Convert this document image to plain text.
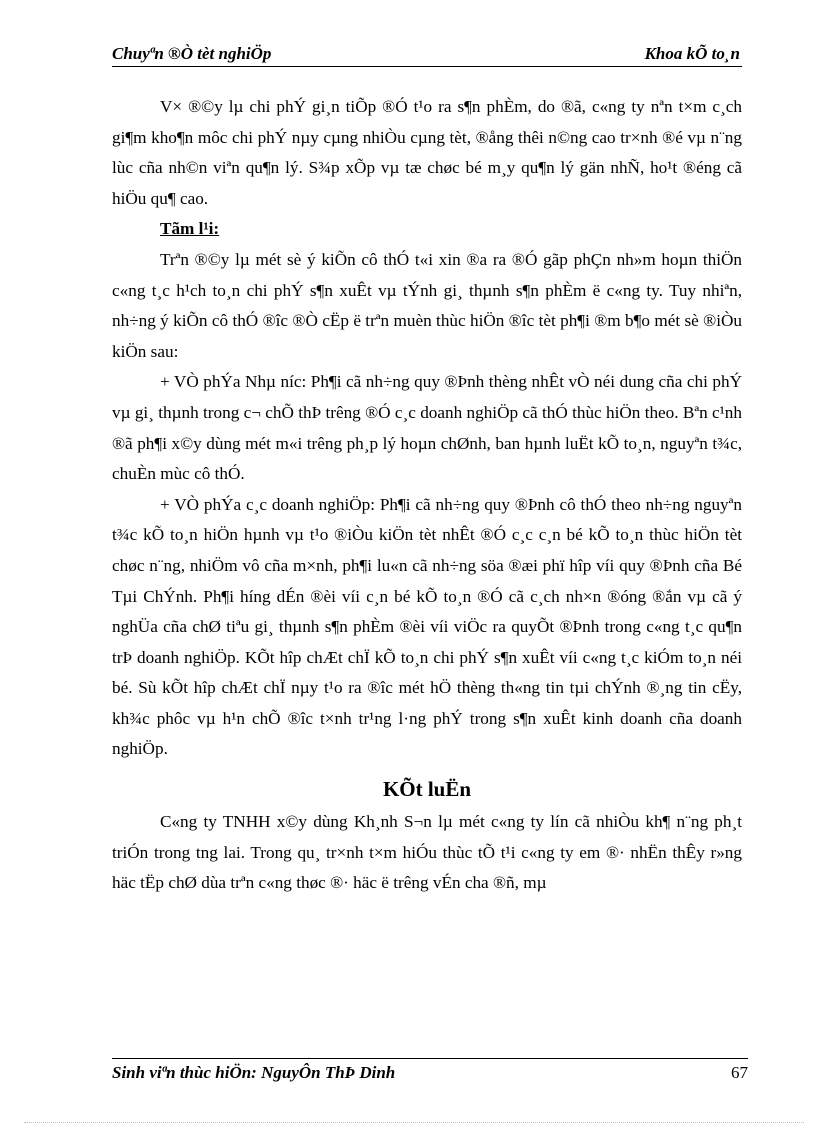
Chuyªn ®Ò tèt nghiÖp	Khoa kÕ to¸n

V× ®©y lµ chi phÝ gi¸n tiÕp ®Ó t¹o ra s¶n phÈm, do ®ã, c«ng ty nªn t×m c¸ch gi¶m kho¶n môc chi phÝ nµy cµng nhiÒu cµng tèt, ®ång thêi n©ng cao tr×nh ®é vµ n¨ng lùc cña nh©n viªn qu¶n lý. S¾p xÕp vµ tæ chøc bé m¸y qu¶n lý gän nhÑ, ho¹t ®éng cã hiÖu qu¶ cao.

Tãm l¹i:

Trªn ®©y lµ mét sè ý kiÕn cô thÓ t«i xin ®a ra ®Ó gãp phÇn nh»m hoµn thiÖn c«ng t¸c h¹ch to¸n chi phÝ s¶n xuÊt vµ tÝnh gi¸ thµnh s¶n phÈm ë c«ng ty. Tuy nhiªn, nh÷ng ý kiÕn cô thÓ ®îc ®Ò cËp ë trªn muèn thùc hiÖn ®îc tèt ph¶i ®m b¶o mét sè ®iÒu kiÖn sau:

+ VÒ phÝa Nhµ níc: Ph¶i cã nh÷ng quy ®Þnh thèng nhÊt vÒ néi dung cña chi phÝ vµ gi¸ thµnh trong c¬ chÕ thÞ trêng ®Ó c¸c doanh nghiÖp cã thÓ thùc hiÖn theo. Bªn c¹nh ®ã ph¶i x©y dùng mét m«i trêng ph¸p lý hoµn chØnh, ban hµnh luËt kÕ to¸n, nguyªn t¾c, chuÈn mùc cô thÓ.

+ VÒ phÝa c¸c doanh nghiÖp: Ph¶i cã nh÷ng quy ®Þnh cô thÓ theo nh÷ng nguyªn t¾c kÕ to¸n hiÖn hµnh vµ t¹o ®iÒu kiÖn tèt nhÊt ®Ó c¸c c¸n bé kÕ to¸n thùc hiÖn tèt chøc n¨ng, nhiÖm vô cña m×nh, ph¶i lu«n cã nh÷ng söa ®æi phï hîp víi quy ®Þnh cña Bé Tµi ChÝnh. Ph¶i híng dÉn ®èi víi c¸n bé kÕ to¸n ®Ó cã c¸ch nh×n ®óng ®ắn vµ cã ý nghÜa cña chØ tiªu gi¸ thµnh s¶n phÈm ®èi víi viÖc ra quyÕt ®Þnh trong c«ng t¸c qu¶n trÞ doanh nghiÖp. KÕt hîp chÆt chÏ kÕ to¸n chi phÝ s¶n xuÊt víi c«ng t¸c kiÓm to¸n néi bé. Sù kÕt hîp chÆt chÏ nµy t¹o ra ®îc mét hÖ thèng th«ng tin tµi chÝnh ®¸ng tin cËy, kh¾c phôc vµ h¹n chÕ ®îc t×nh tr¹ng l·ng phÝ trong s¶n xuÊt kinh doanh cña doanh nghiÖp.

KÕt luËn

C«ng ty TNHH x©y dùng Kh¸nh S¬n lµ mét c«ng ty lín cã nhiÒu kh¶ n¨ng ph¸t triÓn trong tng lai. Trong qu¸ tr×nh t×m hiÓu thùc tÕ t¹i c«ng ty em ®· nhËn thÊy r»ng häc tËp chØ dùa trªn c«ng thøc ®· häc ë trêng vÉn cha ®ñ, mµ

Sinh viªn thùc hiÖn: NguyÔn ThÞ Dinh	67
